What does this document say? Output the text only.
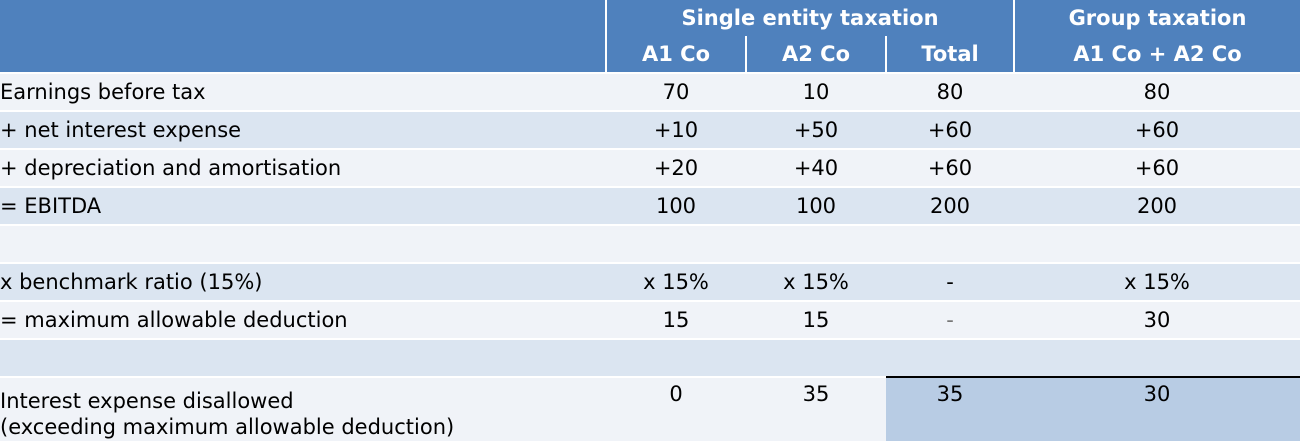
	Single entity taxation			Group taxation
	A1 Co	A2 Co	Total	A1 Co + A2 Co
Earnings before tax	70	10	80	80
+ net interest expense	+10	+50	+60	+60
+ depreciation and amortisation	+20	+40	+60	+60
= EBITDA	100	100	200	200

x benchmark ratio (15%)	x 15%	x 15%	-	x 15%
= maximum allowable deduction	15	15	-	30

Interest expense disallowed
(exceeding maximum allowable deduction)	0	35	35	30
